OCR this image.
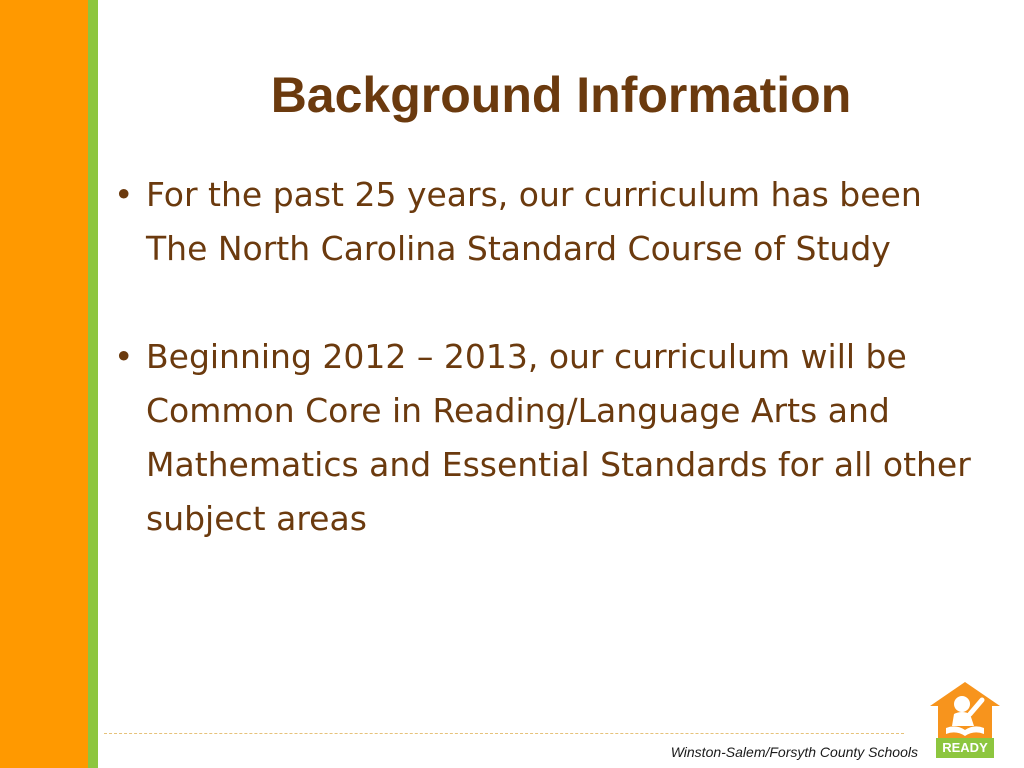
Background Information
• For the past 25 years, our curriculum has been The North Carolina Standard Course of Study
• Beginning 2012 – 2013, our curriculum will be Common Core in Reading/Language Arts and Mathematics and Essential Standards for all other subject areas
Winston-Salem/Forsyth County Schools	READY
